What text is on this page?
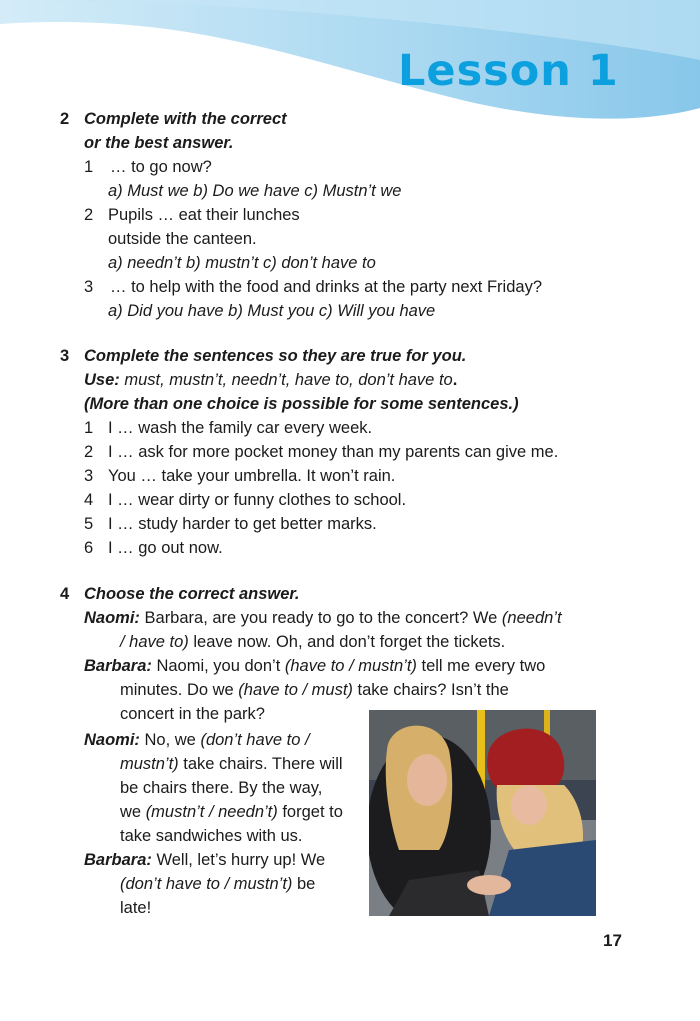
Lesson 1
2 Complete with the correct
or the best answer.
1 … to go now?
a) Must we b) Do we have c) Mustn’t we
2 Pupils … eat their lunches
outside the canteen.
a) needn’t b) mustn’t c) don’t have to
3 … to help with the food and drinks at the party next Friday?
a) Did you have b) Must you c) Will you have
3 Complete the sentences so they are true for you.
Use: must, mustn’t, needn’t, have to, don’t have to.
(More than one choice is possible for some sentences.)
1 I … wash the family car every week.
2 I … ask for more pocket money than my parents can give me.
3 You … take your umbrella. It won’t rain.
4 I … wear dirty or funny clothes to school.
5 I … study harder to get better marks.
6 I … go out now.
4 Choose the correct answer.
Naomi: Barbara, are you ready to go to the concert? We (needn’t
/ have to) leave now. Oh, and don’t forget the tickets.
Barbara: Naomi, you don’t (have to / mustn’t) tell me every two
minutes. Do we (have to / must) take chairs? Isn’t the
concert in the park?
Naomi: No, we (don’t have to /
mustn’t) take chairs. There will
be chairs there. By the way,
we (mustn’t / needn’t) forget to
take sandwiches with us.
Barbara: Well, let’s hurry up! We
(don’t have to / mustn’t) be
late!
17
